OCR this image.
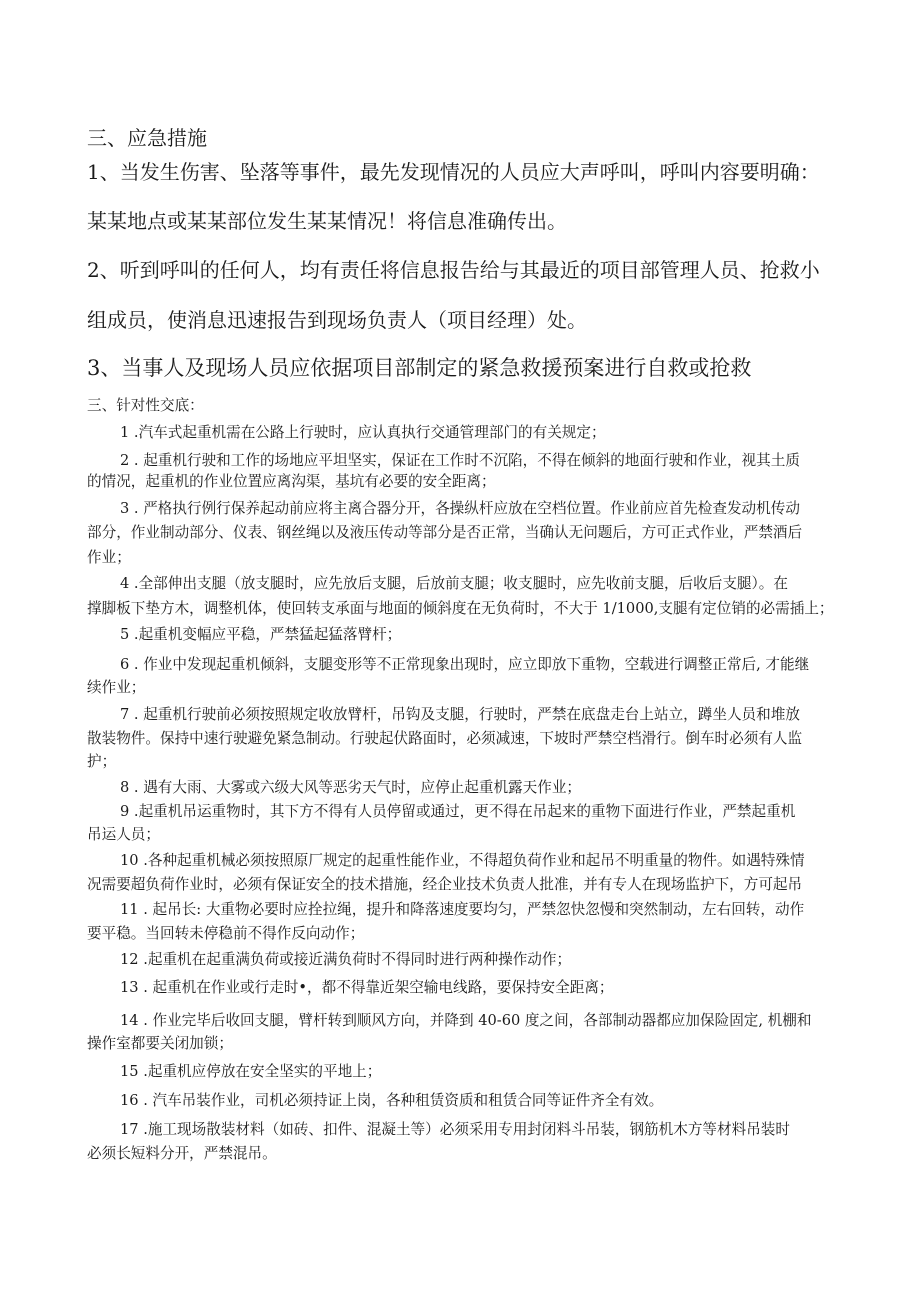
三、应急措施
1、当发生伤害、坠落等事件，最先发现情况的人员应大声呼叫，呼叫内容要明确：
某某地点或某某部位发生某某情况！将信息准确传出。
2、听到呼叫的任何人，均有责任将信息报告给与其最近的项目部管理人员、抢救小
组成员，使消息迅速报告到现场负责人（项目经理）处。
3、当事人及现场人员应依据项目部制定的紧急救援预案进行自救或抢救
三、针对性交底：
1 .汽车式起重机需在公路上行驶时，应认真执行交通管理部门的有关规定；
2 . 起重机行驶和工作的场地应平坦坚实，保证在工作时不沉陷，不得在倾斜的地面行驶和作业，视其土质
的情况，起重机的作业位置应离沟渠，基坑有必要的安全距离；
3 . 严格执行例行保养起动前应将主离合器分开，各操纵杆应放在空档位置。作业前应首先检查发动机传动
部分，作业制动部分、仪表、钢丝绳以及液压传动等部分是否正常，当确认无问题后，方可正式作业，严禁酒后
作业；
4 .全部伸出支腿（放支腿时，应先放后支腿，后放前支腿；收支腿时，应先收前支腿，后收后支腿）。在
撑脚板下垫方木，调整机体，使回转支承面与地面的倾斜度在无负荷时，不大于 1/1000,支腿有定位销的必需插上；
5 .起重机变幅应平稳，严禁猛起猛落臂杆；
6 . 作业中发现起重机倾斜，支腿变形等不正常现象出现时，应立即放下重物，空载进行调整正常后, 才能继
续作业；
7 . 起重机行驶前必须按照规定收放臂杆，吊钩及支腿，行驶时，严禁在底盘走台上站立，蹲坐人员和堆放
散装物件。保持中速行驶避免紧急制动。行驶起伏路面时，必须减速，下坡时严禁空档滑行。倒车时必须有人监
护；
8 . 遇有大雨、大雾或六级大风等恶劣天气时，应停止起重机露天作业；
9 .起重机吊运重物时，其下方不得有人员停留或通过，更不得在吊起来的重物下面进行作业，严禁起重机
吊运人员；
10 .各种起重机械必须按照原厂规定的起重性能作业，不得超负荷作业和起吊不明重量的物件。如遇特殊情
况需要超负荷作业时，必须有保证安全的技术措施，经企业技术负责人批准，并有专人在现场监护下，方可起吊
11 . 起吊长: 大重物必要时应拴拉绳，提升和降落速度要均匀，严禁忽快忽慢和突然制动，左右回转，动作
要平稳。当回转未停稳前不得作反向动作；
12 .起重机在起重满负荷或接近满负荷时不得同时进行两种操作动作；
13 . 起重机在作业或行走时•，都不得靠近架空输电线路，要保持安全距离；
14 . 作业完毕后收回支腿，臂杆转到顺风方向，并降到 40-60 度之间，各部制动器都应加保险固定, 机棚和
操作室都要关闭加锁；
15 .起重机应停放在安全坚实的平地上；
16 . 汽车吊装作业，司机必须持证上岗，各种租赁资质和租赁合同等证件齐全有效。
17 .施工现场散装材料（如砖、扣件、混凝土等）必须采用专用封闭料斗吊装，钢筋机木方等材料吊装时
必须长短料分开，严禁混吊。
